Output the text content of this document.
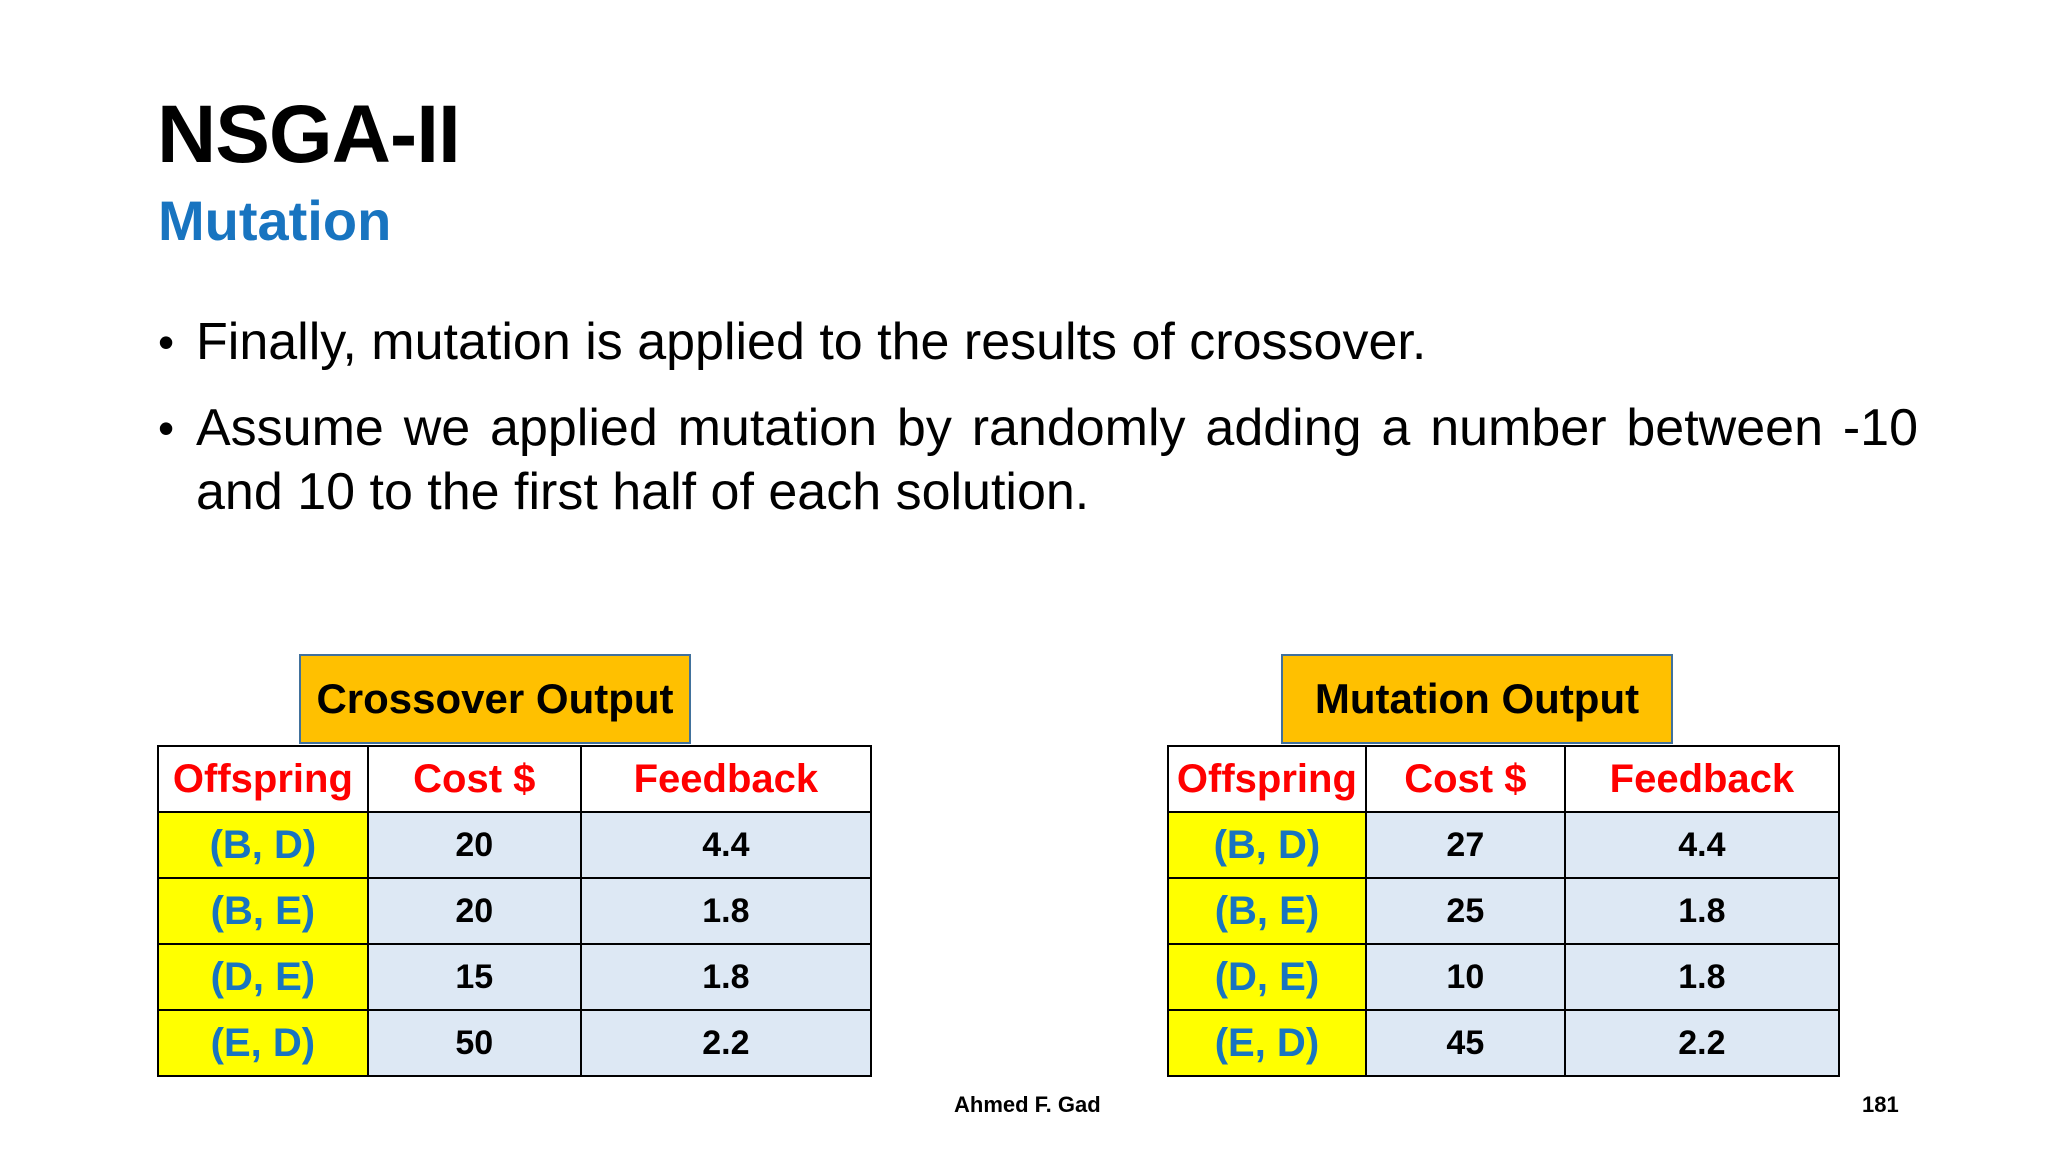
NSGA-II
Mutation
• Finally, mutation is applied to the results of crossover.
• Assume we applied mutation by randomly adding a number between -10 and 10 to the first half of each solution.
Crossover Output
Offspring	Cost $	Feedback
(B, D)	20	4.4
(B, E)	20	1.8
(D, E)	15	1.8
(E, D)	50	2.2
Mutation Output
Offspring	Cost $	Feedback
(B, D)	27	4.4
(B, E)	25	1.8
(D, E)	10	1.8
(E, D)	45	2.2
Ahmed F. Gad	181
